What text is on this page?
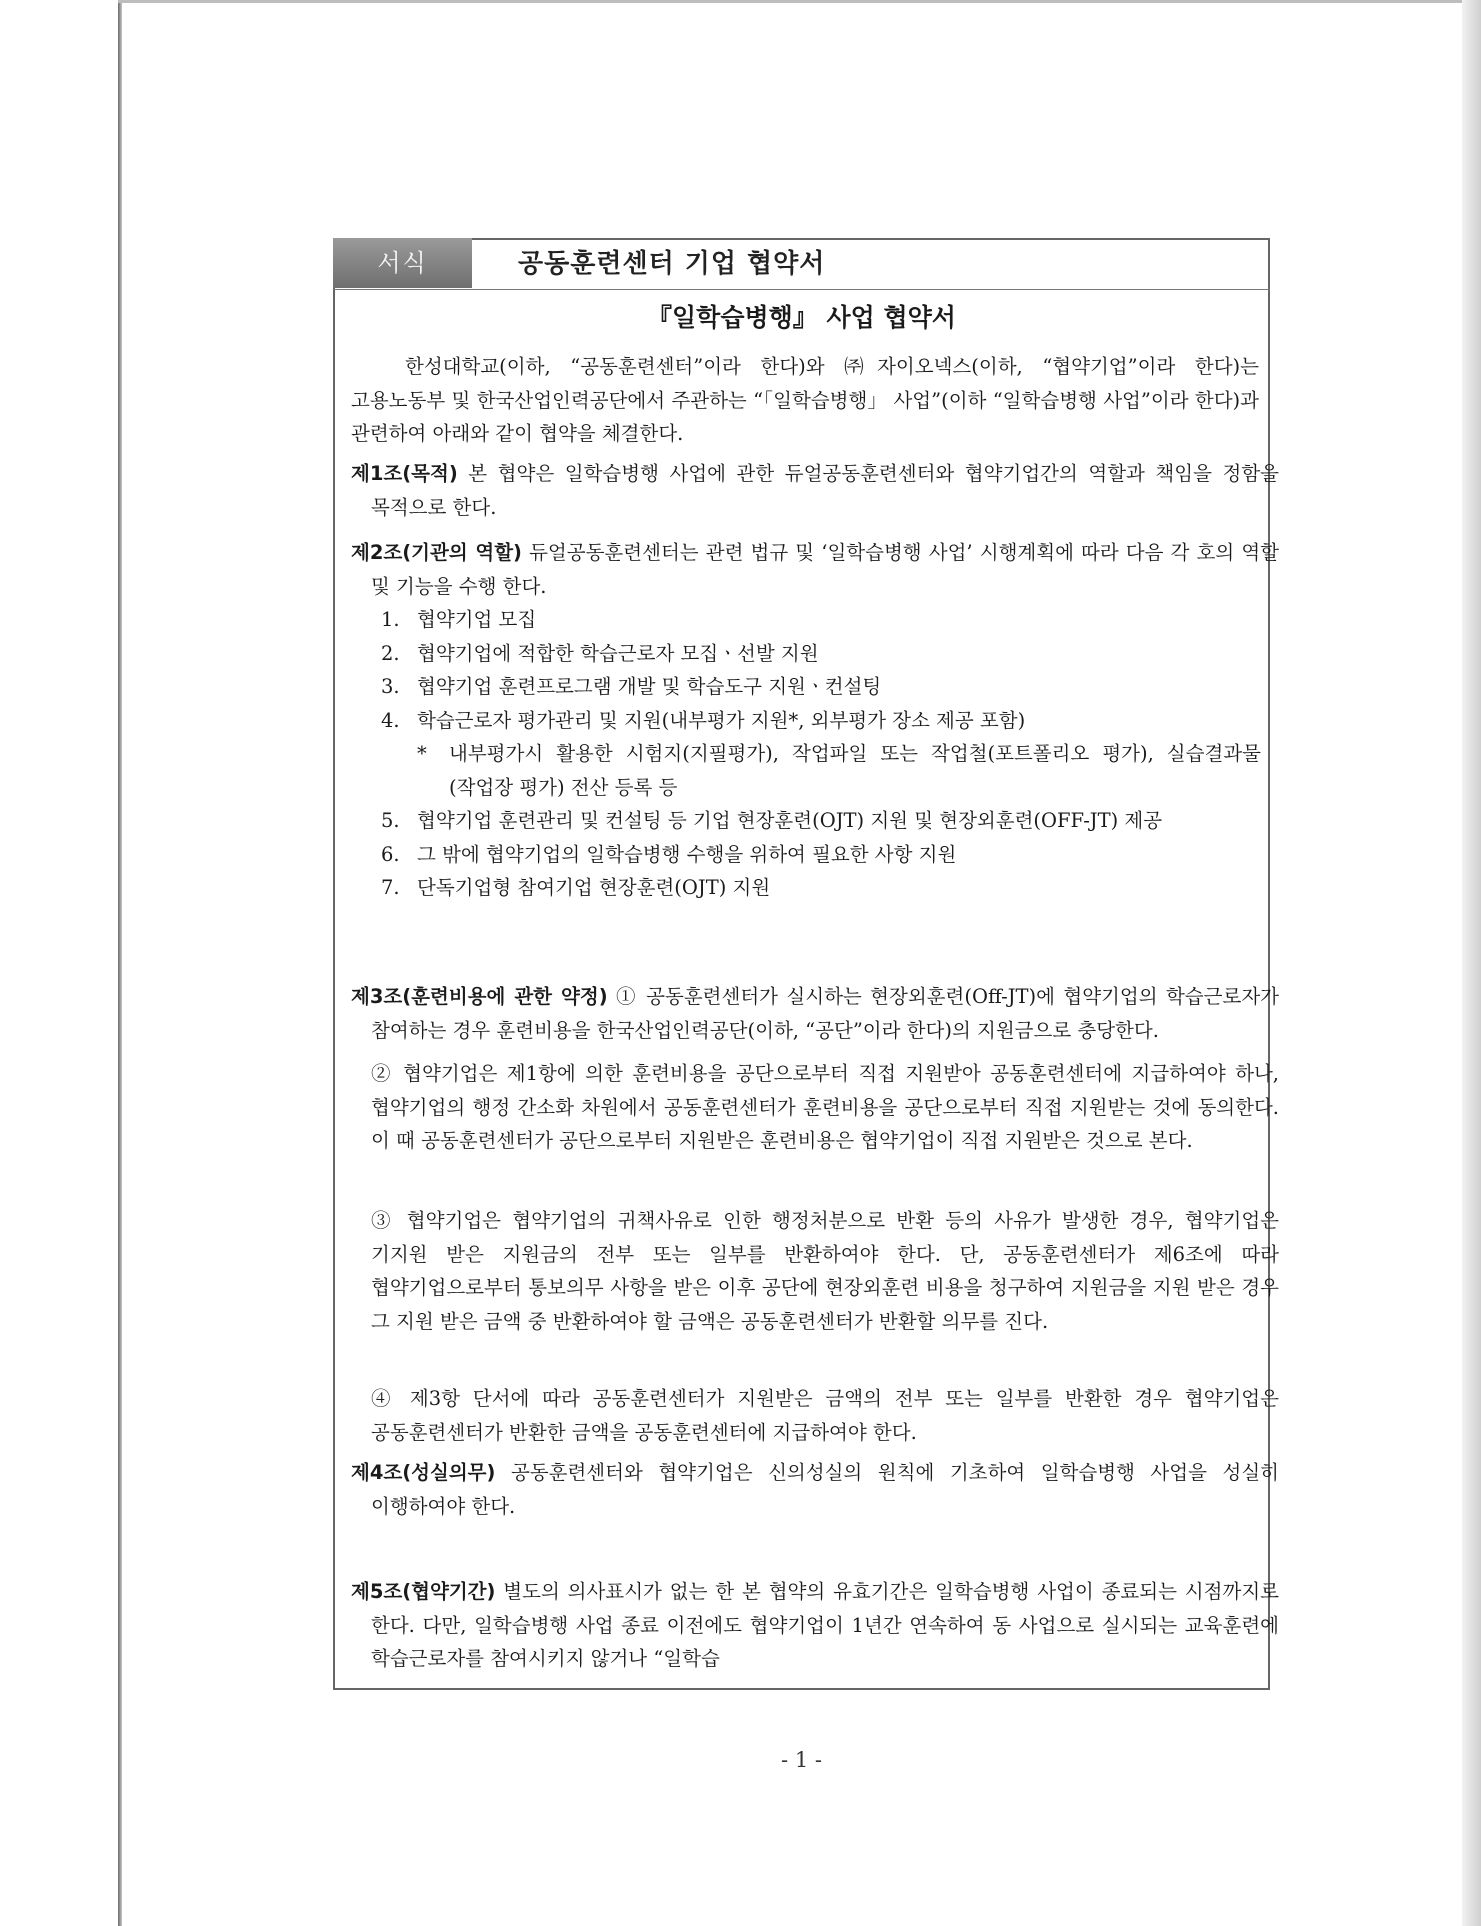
서식	공동훈련센터 기업 협약서
『일학습병행』 사업 협약서

한성대학교(이하, “공동훈련센터”이라 한다)와 ㈜자이오넥스(이하, “협약기업”이라 한다)는 고용노동부 및 한국산업인력공단에서 주관하는 “「일학습병행」 사업”(이하 “일학습병행 사업”이라 한다)과 관련하여 아래와 같이 협약을 체결한다.

제1조(목적) 본 협약은 일학습병행 사업에 관한 듀얼공동훈련센터와 협약기업간의 역할과 책임을 정함을 목적으로 한다.

제2조(기관의 역할) 듀얼공동훈련센터는 관련 법규 및 ‘일학습병행 사업’ 시행계획에 따라 다음 각 호의 역할 및 기능을 수행 한다.

1. 협약기업 모집
2. 협약기업에 적합한 학습근로자 모집ㆍ선발 지원
3. 협약기업 훈련프로그램 개발 및 학습도구 지원ㆍ컨설팅
4. 학습근로자 평가관리 및 지원(내부평가 지원*, 외부평가 장소 제공 포함)
* 내부평가시 활용한 시험지(지필평가), 작업파일 또는 작업철(포트폴리오 평가), 실습결과물(작업장 평가) 전산 등록 등
5. 협약기업 훈련관리 및 컨설팅 등 기업 현장훈련(OJT) 지원 및 현장외훈련(OFF-JT) 제공
6. 그 밖에 협약기업의 일학습병행 수행을 위하여 필요한 사항 지원
7. 단독기업형 참여기업 현장훈련(OJT) 지원

제3조(훈련비용에 관한 약정) ① 공동훈련센터가 실시하는 현장외훈련(Off-JT)에 협약기업의 학습근로자가 참여하는 경우 훈련비용을 한국산업인력공단(이하, “공단”이라 한다)의 지원금으로 충당한다.

② 협약기업은 제1항에 의한 훈련비용을 공단으로부터 직접 지원받아 공동훈련센터에 지급하여야 하나, 협약기업의 행정 간소화 차원에서 공동훈련센터가 훈련비용을 공단으로부터 직접 지원받는 것에 동의한다. 이 때 공동훈련센터가 공단으로부터 지원받은 훈련비용은 협약기업이 직접 지원받은 것으로 본다.

③ 협약기업은 협약기업의 귀책사유로 인한 행정처분으로 반환 등의 사유가 발생한 경우, 협약기업은 기지원 받은 지원금의 전부 또는 일부를 반환하여야 한다. 단, 공동훈련센터가 제6조에 따라 협약기업으로부터 통보의무 사항을 받은 이후 공단에 현장외훈련 비용을 청구하여 지원금을 지원 받은 경우 그 지원 받은 금액 중 반환하여야 할 금액은 공동훈련센터가 반환할 의무를 진다.

④ 제3항 단서에 따라 공동훈련센터가 지원받은 금액의 전부 또는 일부를 반환한 경우 협약기업은 공동훈련센터가 반환한 금액을 공동훈련센터에 지급하여야 한다.

제4조(성실의무) 공동훈련센터와 협약기업은 신의성실의 원칙에 기초하여 일학습병행 사업을 성실히 이행하여야 한다.

제5조(협약기간) 별도의 의사표시가 없는 한 본 협약의 유효기간은 일학습병행 사업이 종료되는 시점까지로 한다. 다만, 일학습병행 사업 종료 이전에도 협약기업이 1년간 연속하여 동 사업으로 실시되는 교육훈련에 학습근로자를 참여시키지 않거나 “일학습

- 1 -
